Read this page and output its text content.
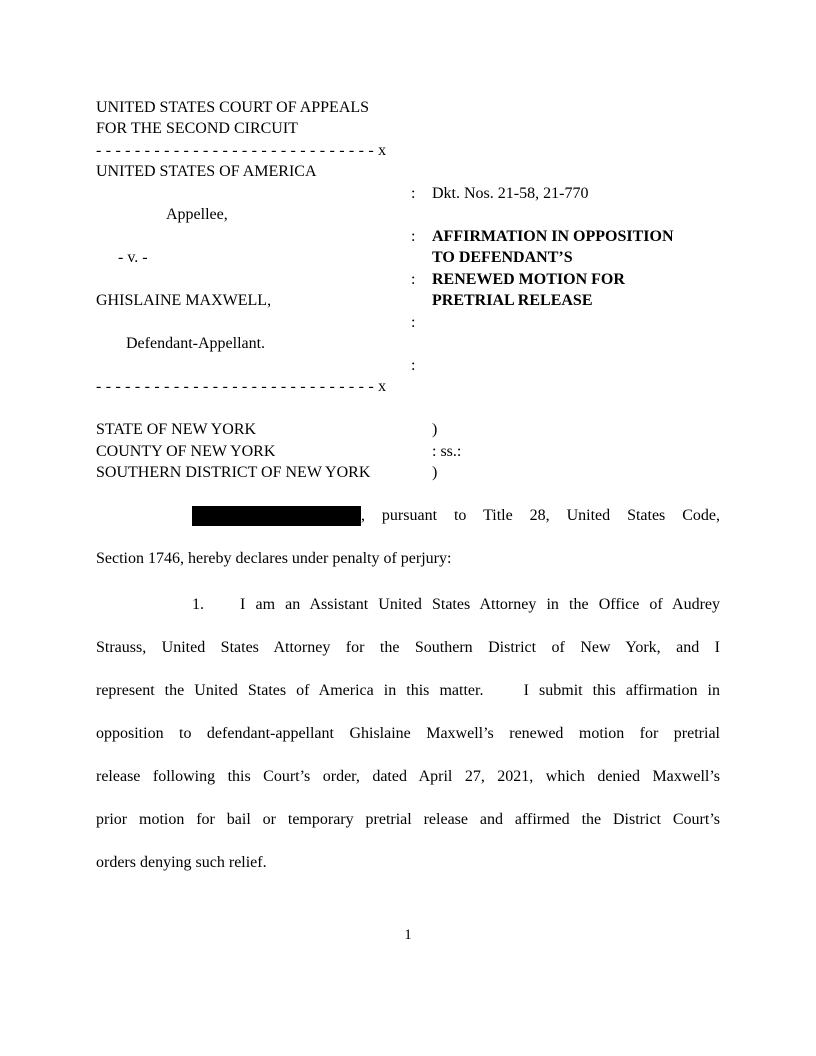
UNITED STATES COURT OF APPEALS
FOR THE SECOND CIRCUIT
- - - - - - - - - - - - - - - - - - - - - - - - - - - - - x
UNITED STATES OF AMERICA
Appellee,
- v. -
GHISLAINE MAXWELL,
Defendant-Appellant.
- - - - - - - - - - - - - - - - - - - - - - - - - - - - - x
:
:
:
:
:
Dkt. Nos. 21-58, 21-770
AFFIRMATION IN OPPOSITION
TO DEFENDANT’S
RENEWED MOTION FOR
PRETRIAL RELEASE
STATE OF NEW YORK
COUNTY OF NEW YORK
SOUTHERN DISTRICT OF NEW YORK
)
: ss.:
)
, pursuant to Title 28, United States Code,
Section 1746, hereby declares under penalty of perjury:
1. I am an Assistant United States Attorney in the Office of Audrey
Strauss, United States Attorney for the Southern District of New York, and I
represent the United States of America in this matter.    I submit this affirmation in
opposition to defendant-appellant Ghislaine Maxwell’s renewed motion for pretrial
release following this Court’s order, dated April 27, 2021, which denied Maxwell’s
prior motion for bail or temporary pretrial release and affirmed the District Court’s
orders denying such relief.
1
